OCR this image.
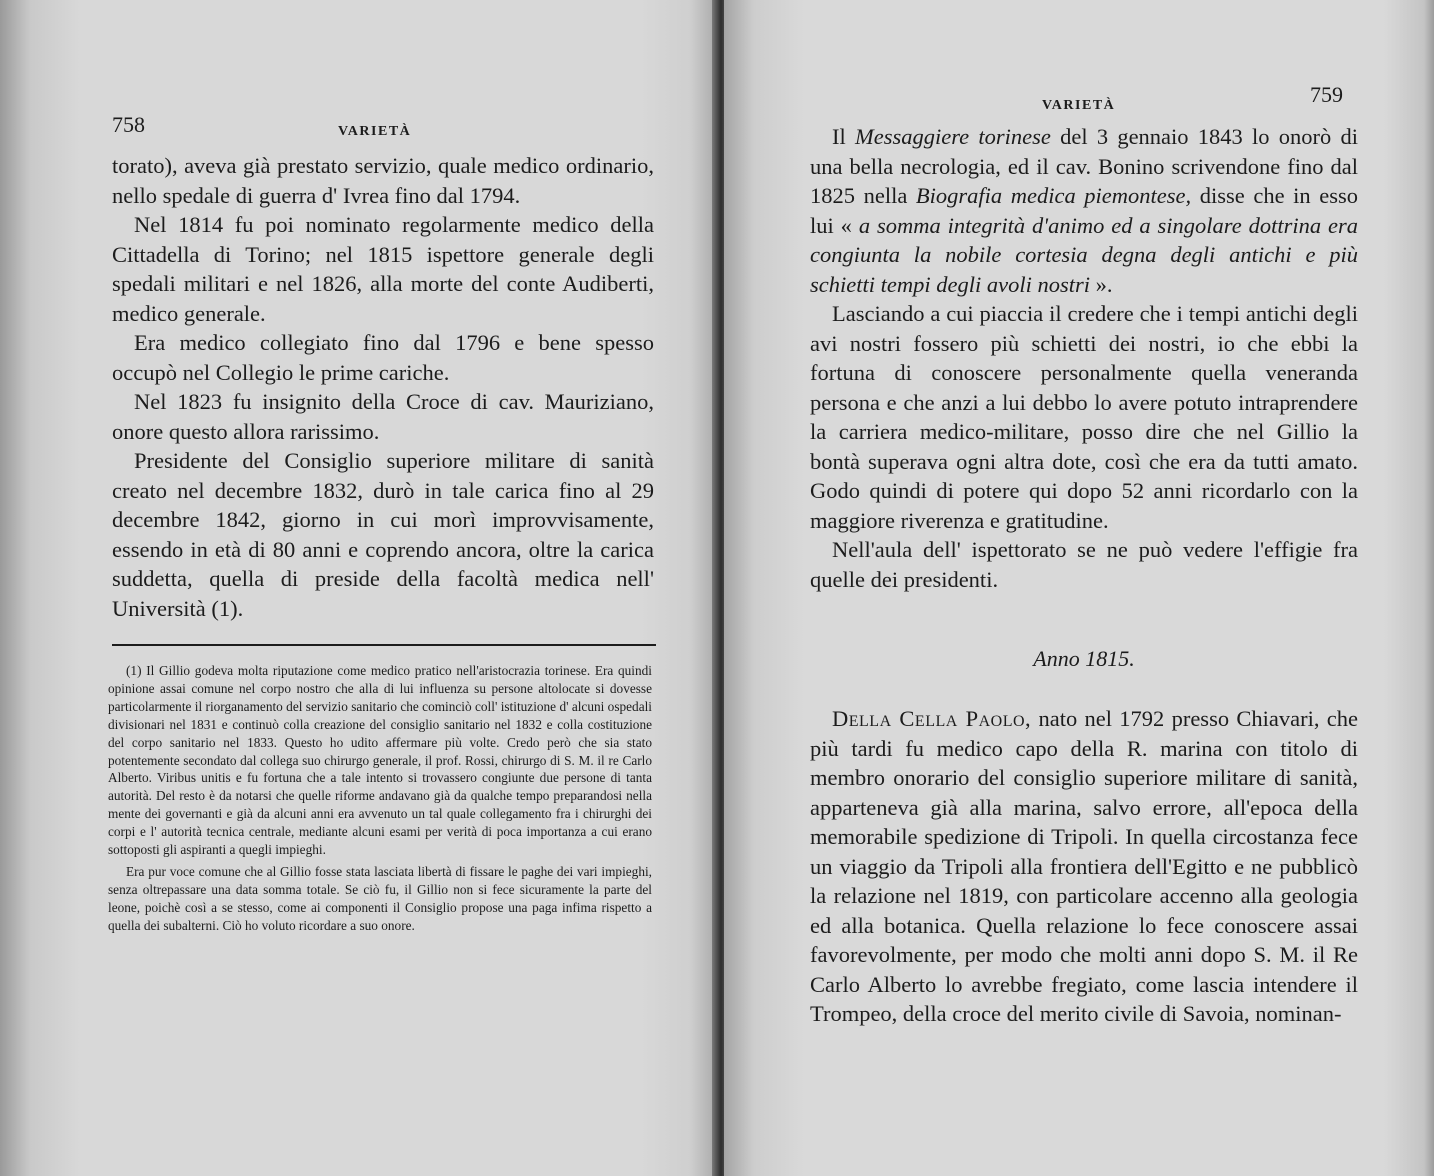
758	VARIETÀ

torato), aveva già prestato servizio, quale medico ordinario, nello spedale di guerra d' Ivrea fino dal 1794.

Nel 1814 fu poi nominato regolarmente medico della Cittadella di Torino; nel 1815 ispettore generale degli spedali militari e nel 1826, alla morte del conte Audiberti, medico generale.

Era medico collegiato fino dal 1796 e bene spesso occupò nel Collegio le prime cariche.

Nel 1823 fu insignito della Croce di cav. Mauriziano, onore questo allora rarissimo.

Presidente del Consiglio superiore militare di sanità creato nel decembre 1832, durò in tale carica fino al 29 decembre 1842, giorno in cui morì improvvisamente, essendo in età di 80 anni e coprendo ancora, oltre la carica suddetta, quella di preside della facoltà medica nell' Università (1).

(1) Il Gillio godeva molta riputazione come medico pratico nell'aristocrazia torinese. Era quindi opinione assai comune nel corpo nostro che alla di lui influenza su persone altolocate si dovesse particolarmente il riorganamento del servizio sanitario che cominciò coll' istituzione d' alcuni ospedali divisionari nel 1831 e continuò colla creazione del consiglio sanitario nel 1832 e colla costituzione del corpo sanitario nel 1833. Questo ho udito affermare più volte. Credo però che sia stato potentemente secondato dal collega suo chirurgo generale, il prof. Rossi, chirurgo di S. M. il re Carlo Alberto. Viribus unitis e fu fortuna che a tale intento si trovassero congiunte due persone di tanta autorità. Del resto è da notarsi che quelle riforme andavano già da qualche tempo preparandosi nella mente dei governanti e già da alcuni anni era avvenuto un tal quale collegamento fra i chirurghi dei corpi e l' autorità tecnica centrale, mediante alcuni esami per verità di poca importanza a cui erano sottoposti gli aspiranti a quegli impieghi.

Era pur voce comune che al Gillio fosse stata lasciata libertà di fissare le paghe dei vari impieghi, senza oltrepassare una data somma totale. Se ciò fu, il Gillio non si fece sicuramente la parte del leone, poichè così a se stesso, come ai componenti il Consiglio propose una paga infima rispetto a quella dei subalterni. Ciò ho voluto ricordare a suo onore.

VARIETÀ	759

Il Messaggiere torinese del 3 gennaio 1843 lo onorò di una bella necrologia, ed il cav. Bonino scrivendone fino dal 1825 nella Biografia medica piemontese, disse che in esso lui « a somma integrità d'animo ed a singolare dottrina era congiunta la nobile cortesia degna degli antichi e più schietti tempi degli avoli nostri ».

Lasciando a cui piaccia il credere che i tempi antichi degli avi nostri fossero più schietti dei nostri, io che ebbi la fortuna di conoscere personalmente quella veneranda persona e che anzi a lui debbo lo avere potuto intraprendere la carriera medico-militare, posso dire che nel Gillio la bontà superava ogni altra dote, così che era da tutti amato. Godo quindi di potere qui dopo 52 anni ricordarlo con la maggiore riverenza e gratitudine.

Nell'aula dell' ispettorato se ne può vedere l'effigie fra quelle dei presidenti.

Anno 1815.

Della Cella Paolo, nato nel 1792 presso Chiavari, che più tardi fu medico capo della R. marina con titolo di membro onorario del consiglio superiore militare di sanità, apparteneva già alla marina, salvo errore, all'epoca della memorabile spedizione di Tripoli. In quella circostanza fece un viaggio da Tripoli alla frontiera dell'Egitto e ne pubblicò la relazione nel 1819, con particolare accenno alla geologia ed alla botanica. Quella relazione lo fece conoscere assai favorevolmente, per modo che molti anni dopo S. M. il Re Carlo Alberto lo avrebbe fregiato, come lascia intendere il Trompeo, della croce del merito civile di Savoia, nominan-
